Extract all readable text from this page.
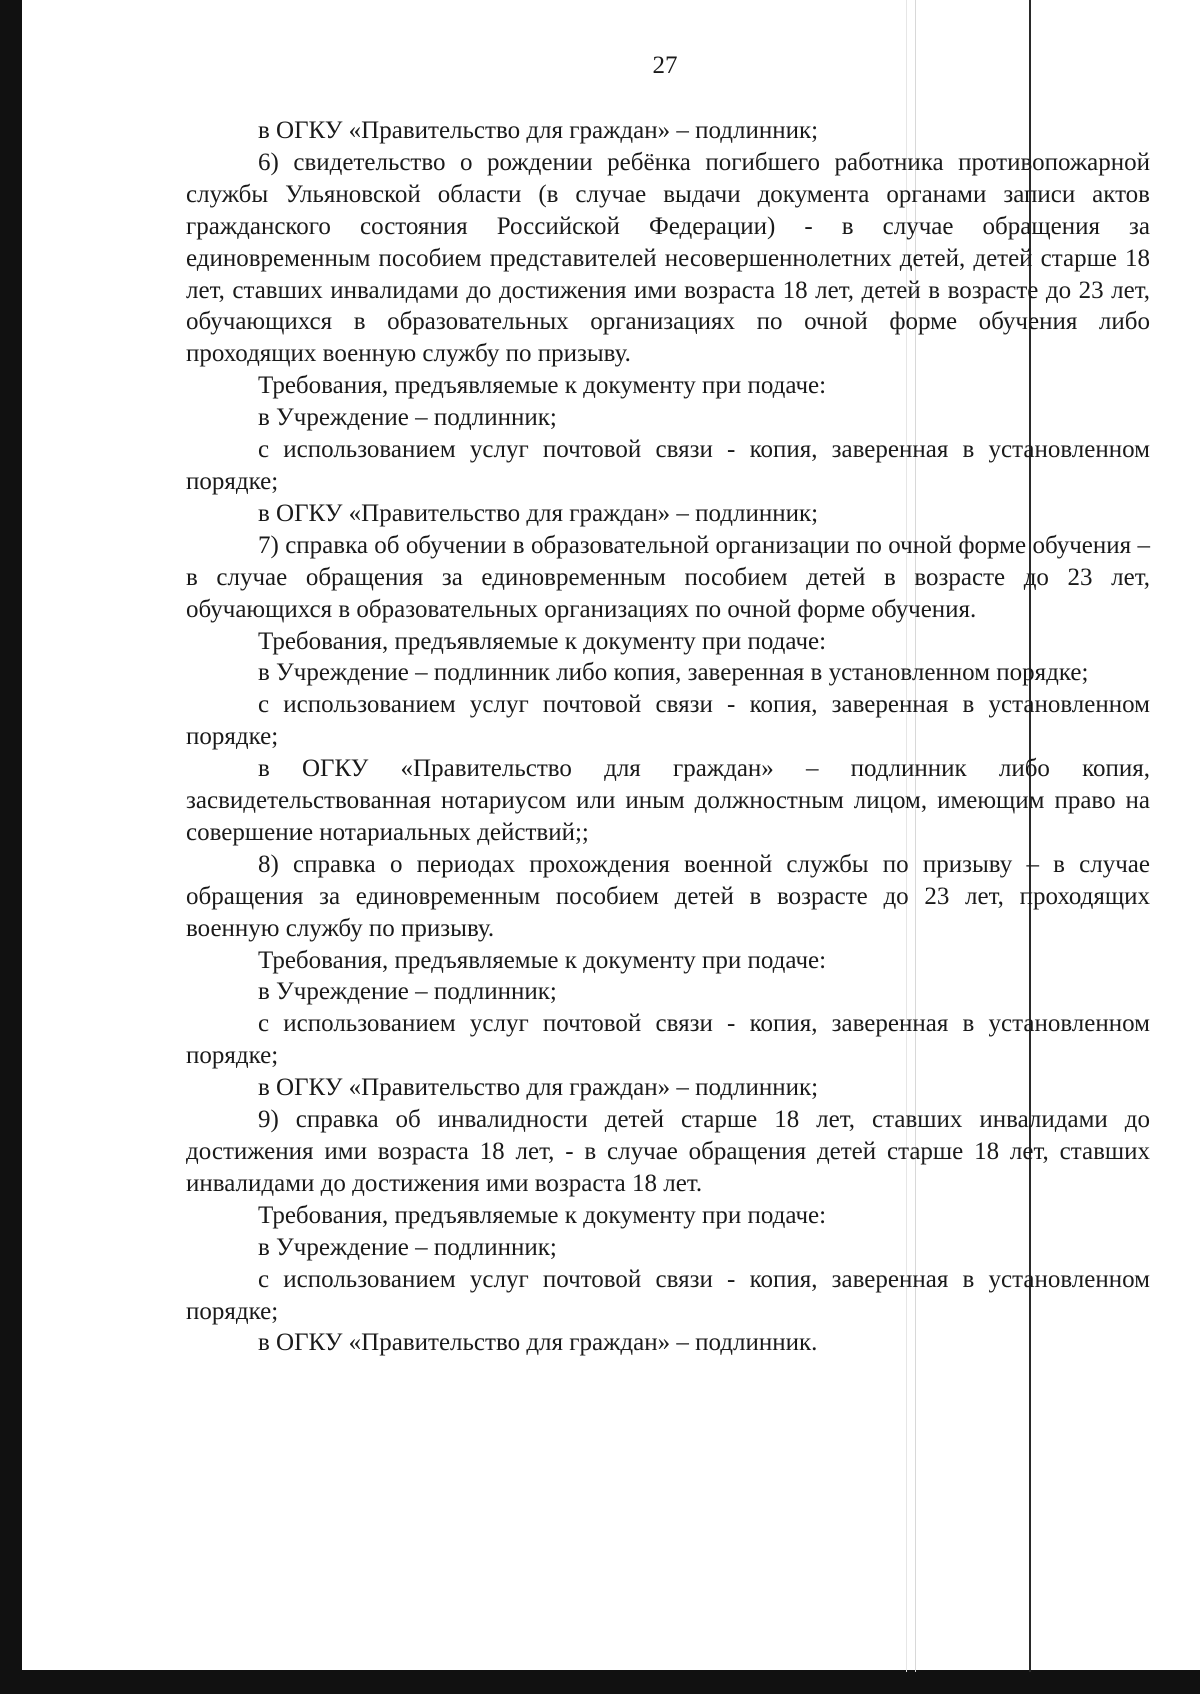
27

в ОГКУ «Правительство для граждан» – подлинник;

6) свидетельство о рождении ребёнка погибшего работника противопожарной службы Ульяновской области (в случае выдачи документа органами записи актов гражданского состояния Российской Федерации) - в случае обращения за единовременным пособием представителей несовершеннолетних детей, детей старше 18 лет, ставших инвалидами до достижения ими возраста 18 лет, детей в возрасте до 23 лет, обучающихся в образовательных организациях по очной форме обучения либо проходящих военную службу по призыву.

Требования, предъявляемые к документу при подаче:

в Учреждение – подлинник;

с использованием услуг почтовой связи - копия, заверенная в установленном порядке;

в ОГКУ «Правительство для граждан» – подлинник;

7) справка об обучении в образовательной организации по очной форме обучения – в случае обращения за единовременным пособием детей в возрасте до 23 лет, обучающихся в образовательных организациях по очной форме обучения.

Требования, предъявляемые к документу при подаче:

в Учреждение – подлинник либо копия, заверенная в установленном порядке;

с использованием услуг почтовой связи - копия, заверенная в установленном порядке;

в ОГКУ «Правительство для граждан» – подлинник либо копия, засвидетельствованная нотариусом или иным должностным лицом, имеющим право на совершение нотариальных действий;;

8) справка о периодах прохождения военной службы по призыву – в случае обращения за единовременным пособием детей в возрасте до 23 лет, проходящих военную службу по призыву.

Требования, предъявляемые к документу при подаче:

в Учреждение – подлинник;

с использованием услуг почтовой связи - копия, заверенная в установленном порядке;

в ОГКУ «Правительство для граждан» – подлинник;

9) справка об инвалидности детей старше 18 лет, ставших инвалидами до достижения ими возраста 18 лет, - в случае обращения детей старше 18 лет, ставших инвалидами до достижения ими возраста 18 лет.

Требования, предъявляемые к документу при подаче:

в Учреждение – подлинник;

с использованием услуг почтовой связи - копия, заверенная в установленном порядке;

в ОГКУ «Правительство для граждан» – подлинник.
